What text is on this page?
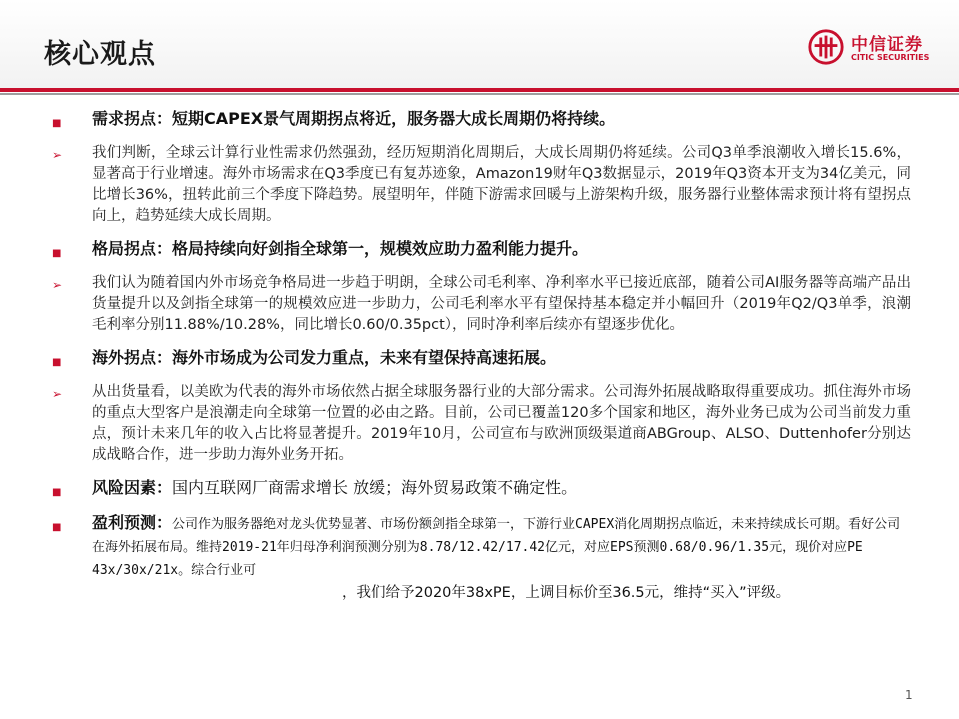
核心观点	中信证券
CITIC SECURITIES
■ 需求拐点：短期CAPEX景气周期拐点将近，服务器大成长周期仍将持续。
➢ 我们判断，全球云计算行业性需求仍然强劲，经历短期消化周期后，大成长周期仍将延续。公司Q3单季浪潮收入增长15.6%，显著高于行业增速。海外市场需求在Q3季度已有复苏迹象，Amazon19财年Q3数据显示，2019年Q3资本开支为34亿美元，同比增长36%，扭转此前三个季度下降趋势。展望明年，伴随下游需求回暖与上游架构升级，服务器行业整体需求预计将有望拐点向上，趋势延续大成长周期。
■ 格局拐点：格局持续向好剑指全球第一，规模效应助力盈利能力提升。
➢ 我们认为随着国内外市场竞争格局进一步趋于明朗，全球公司毛利率、净利率水平已接近底部，随着公司AI服务器等高端产品出货量提升以及剑指全球第一的规模效应进一步助力，公司毛利率水平有望保持基本稳定并小幅回升（2019年Q2/Q3单季，浪潮毛利率分别11.88%/10.28%，同比增长0.60/0.35pct），同时净利率后续亦有望逐步优化。
■ 海外拐点：海外市场成为公司发力重点，未来有望保持高速拓展。
➢ 从出货量看，以美欧为代表的海外市场依然占据全球服务器行业的大部分需求。公司海外拓展战略取得重要成功。抓住海外市场的重点大型客户是浪潮走向全球第一位置的必由之路。目前，公司已覆盖120多个国家和地区，海外业务已成为公司当前发力重点，预计未来几年的收入占比将显著提升。2019年10月，公司宣布与欧洲顶级渠道商ABGroup、ALSO、Duttenhofer分别达成战略合作，进一步助力海外业务开拓。
■ 风险因素：国内互联网厂商需求增长 放缓；海外贸易政策不确定性。
■ 盈利预测：公司作为服务器绝对龙头优势显著、市场份额剑指全球第一，下游行业CAPEX消化周期拐点临近，未来持续成长可期。看好公司在海外拓展布局。维持2019-21年归母净利润预测分别为8.78/12.42/17.42亿元，对应EPS预测0.68/0.96/1.35元，现价对应PE 43x/30x/21x。综合行业可
，我们给予2020年38xPE，上调目标价至36.5元，维持“买入”评级。
1
